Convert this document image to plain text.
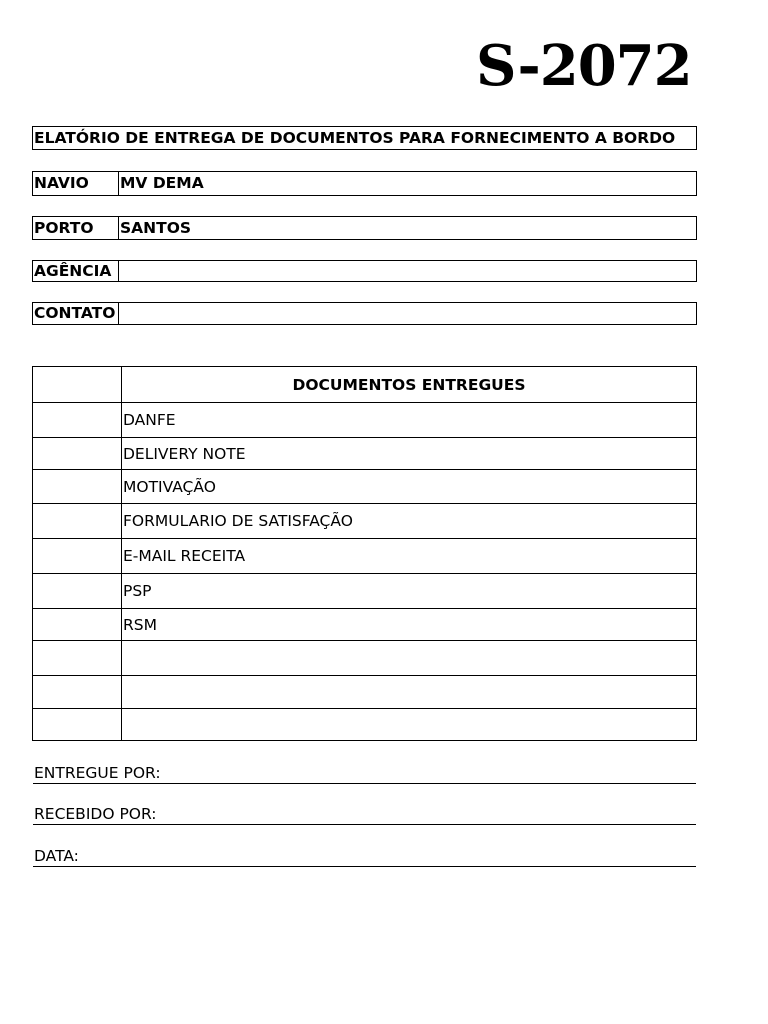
S-2072
ELATÓRIO DE ENTREGA DE DOCUMENTOS PARA FORNECIMENTO A BORDO
NAVIO MV DEMA
PORTO SANTOS
AGÊNCIA
CONTATO
	DOCUMENTOS ENTREGUES
	DANFE
	DELIVERY NOTE
	MOTIVAÇÃO
	FORMULARIO DE SATISFAÇÃO
	E-MAIL RECEITA
	PSP
	RSM

ENTREGUE POR:
RECEBIDO POR:
DATA:
